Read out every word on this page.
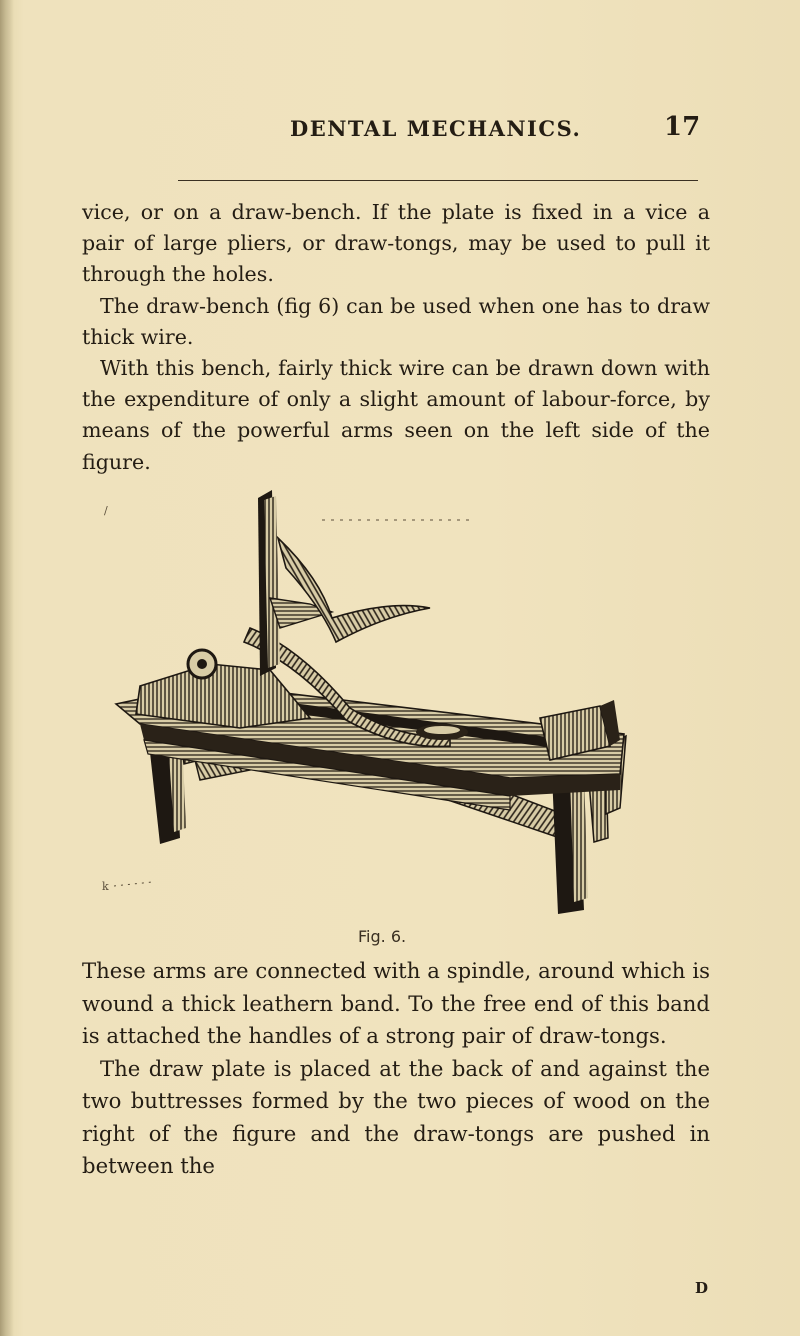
DENTAL MECHANICS.	17

vice, or on a draw-bench. If the plate is fixed in a vice a pair of large pliers, or draw-tongs, may be used to pull it through the holes.

The draw-bench (fig 6) can be used when one has to draw thick wire.

With this bench, fairly thick wire can be drawn down with the expenditure of only a slight amount of labour-force, by means of the powerful arms seen on the left side of the figure.

/
k
Fig. 6.

These arms are connected with a spindle, around which is wound a thick leathern band. To the free end of this band is attached the handles of a strong pair of draw-tongs.

The draw plate is placed at the back of and against the two buttresses formed by the two pieces of wood on the right of the figure and the draw-tongs are pushed in between the

D
